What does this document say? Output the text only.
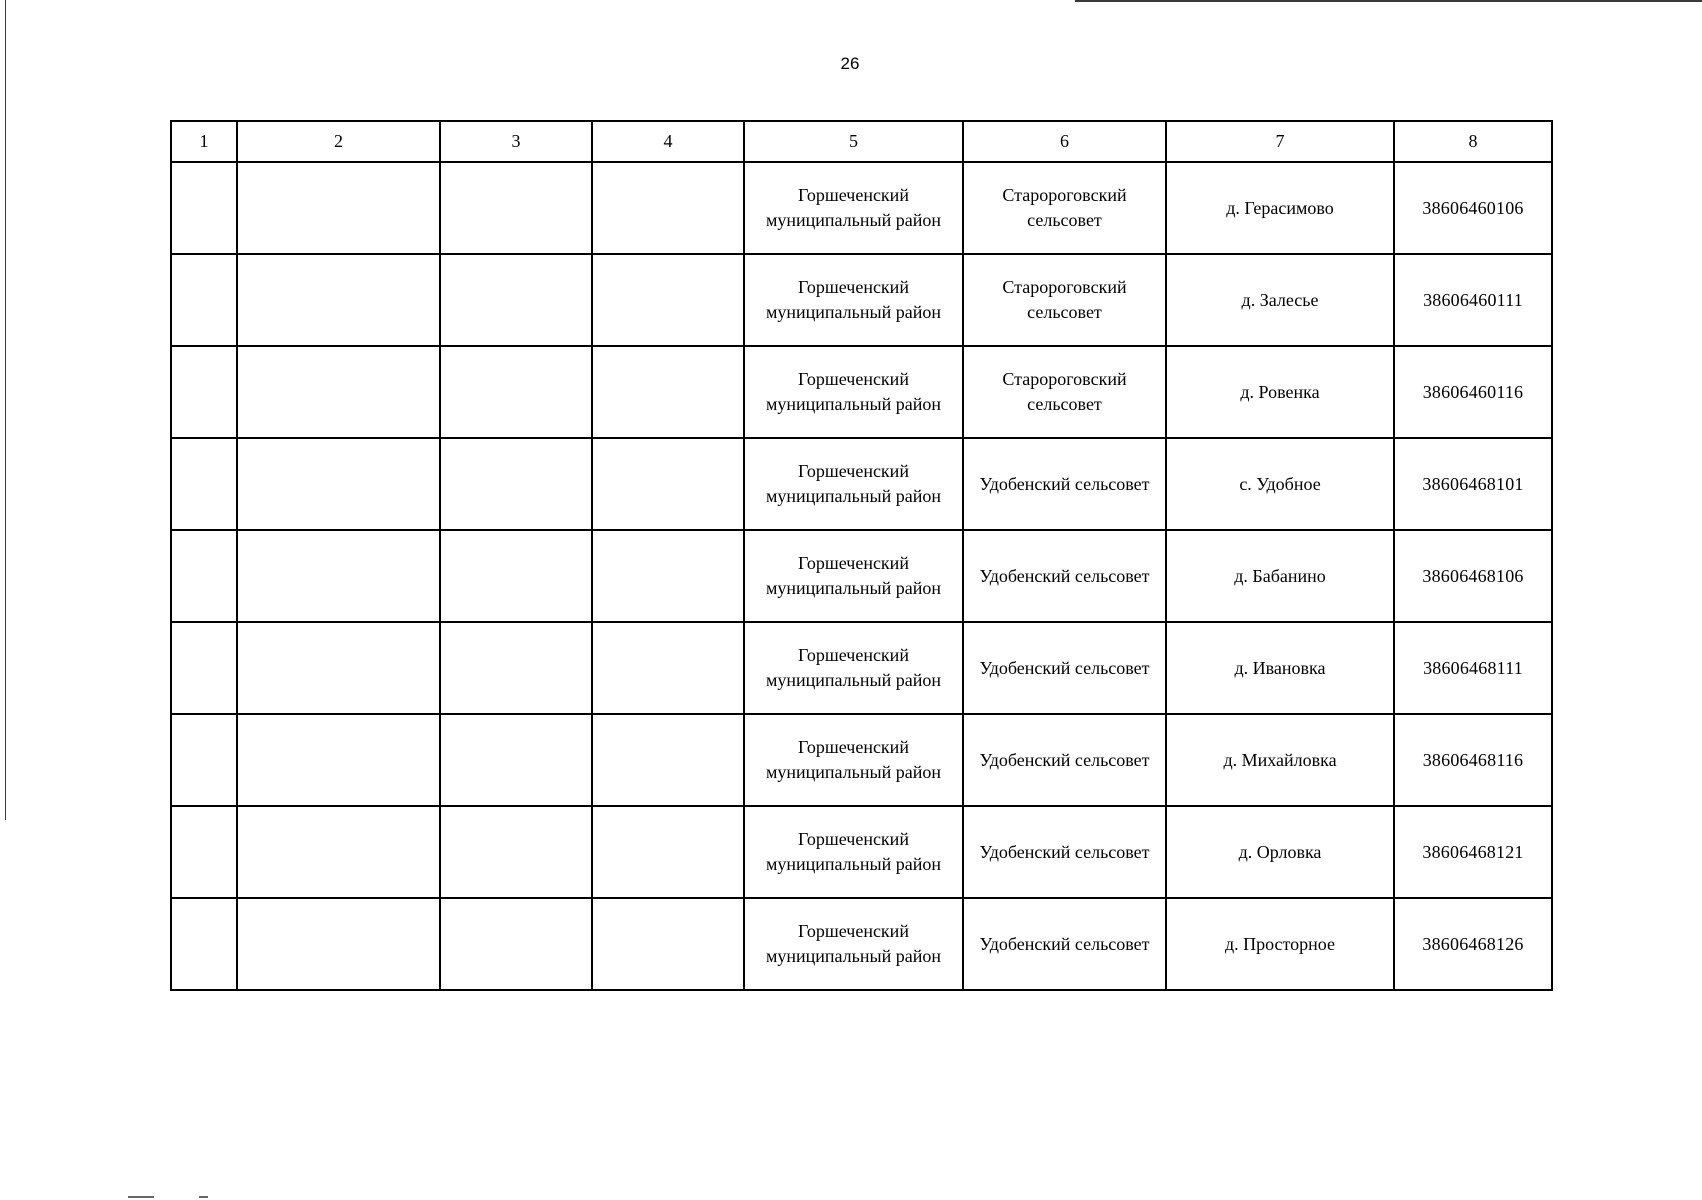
26
1	2	3	4	5	6	7	8
				Горшеченский муниципальный район	Старороговский сельсовет	д. Герасимово	38606460106
				Горшеченский муниципальный район	Старороговский сельсовет	д. Залесье	38606460111
				Горшеченский муниципальный район	Старороговский сельсовет	д. Ровенка	38606460116
				Горшеченский муниципальный район	Удобенский сельсовет	с. Удобное	38606468101
				Горшеченский муниципальный район	Удобенский сельсовет	д. Бабанино	38606468106
				Горшеченский муниципальный район	Удобенский сельсовет	д. Ивановка	38606468111
				Горшеченский муниципальный район	Удобенский сельсовет	д. Михайловка	38606468116
				Горшеченский муниципальный район	Удобенский сельсовет	д. Орловка	38606468121
				Горшеченский муниципальный район	Удобенский сельсовет	д. Просторное	38606468126
